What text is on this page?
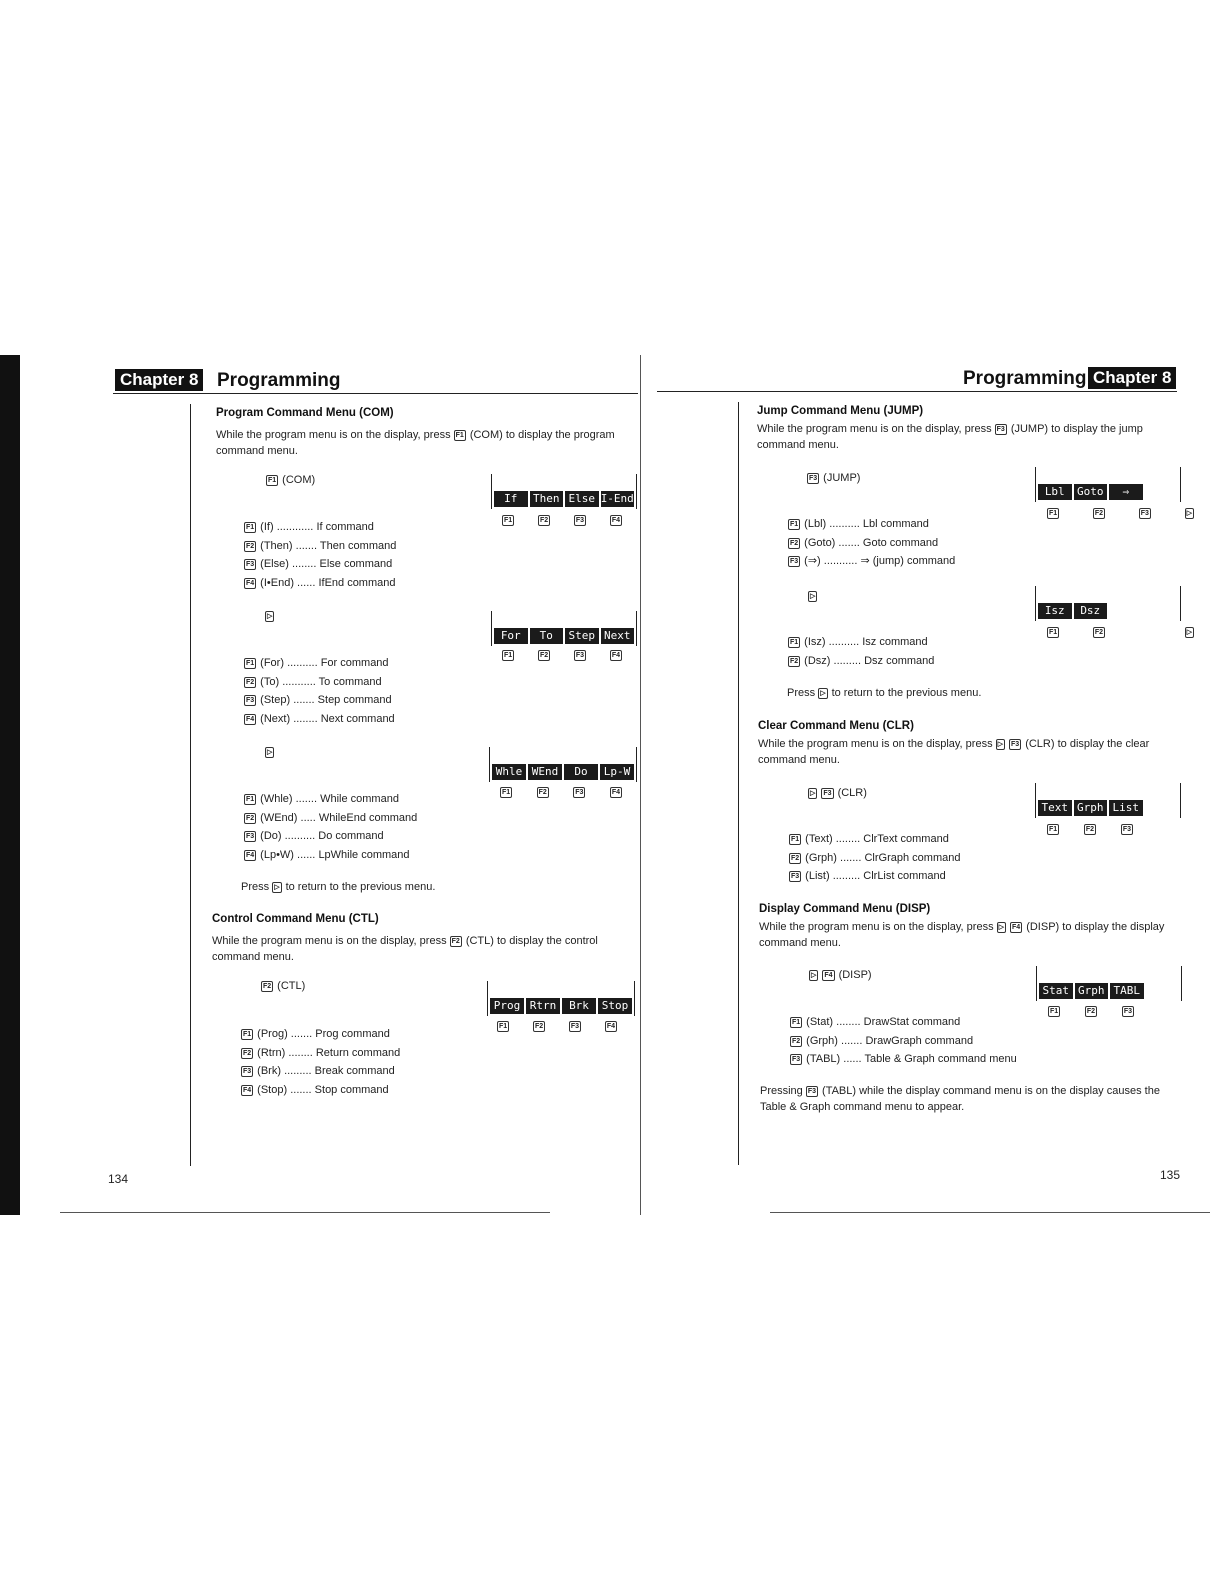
Chapter 8 Programming
134
Program Command Menu (COM)
While the program menu is on the display, press F1 (COM) to display the program command menu.
F1 (COM)
If	Then Else I-End
F1	F2	F3	F4
F1 (If) ............ If command
F2 (Then) ....... Then command
F3 (Else) ........ Else command
F4 (I•End) ...... IfEnd command
▷
For	To	Step Next
F1	F2	F3	F4
F1 (For) .......... For command
F2 (To) ........... To command
F3 (Step) ....... Step command
F4 (Next) ........ Next command
▷
Whle WEnd	Do	Lp-W
F1	F2	F3	F4
F1 (Whle) ....... While command
F2 (WEnd) ..... WhileEnd command
F3 (Do) .......... Do command
F4 (Lp•W) ...... LpWhile command
Press ▷ to return to the previous menu.
Control Command Menu (CTL)
While the program menu is on the display, press F2 (CTL) to display the control command menu.
F2 (CTL)
Prog Rtrn	Brk	Stop
F1	F2	F3	F4
F1 (Prog) ....... Prog command
F2 (Rtrn) ........ Return command
F3 (Brk) ......... Break command
F4 (Stop) ....... Stop command
Programming Chapter 8
135
Jump Command Menu (JUMP)
While the program menu is on the display, press F3 (JUMP) to display the jump command menu.
F3 (JUMP)
Lbl	Goto	⇒
F1	F2	F3	▷
F1 (Lbl) .......... Lbl command
F2 (Goto) ....... Goto command
F3 (⇒) ........... ⇒ (jump) command
▷
Isz	Dsz
F1	F2	▷
F1 (Isz) .......... Isz command
F2 (Dsz) ......... Dsz command
Press ▷ to return to the previous menu.
Clear Command Menu (CLR)
While the program menu is on the display, press ▷ F3 (CLR) to display the clear command menu.
▷ F3 (CLR)
Text Grph List
F1	F2	F3
F1 (Text) ........ ClrText command
F2 (Grph) ....... ClrGraph command
F3 (List) ......... ClrList command
Display Command Menu (DISP)
While the program menu is on the display, press ▷ F4 (DISP) to display the display command menu.
▷ F4 (DISP)
Stat Grph TABL
F1	F2	F3
F1 (Stat) ........ DrawStat command
F2 (Grph) ....... DrawGraph command
F3 (TABL) ...... Table & Graph command menu
Pressing F3 (TABL) while the display command menu is on the display causes the Table & Graph command menu to appear.
